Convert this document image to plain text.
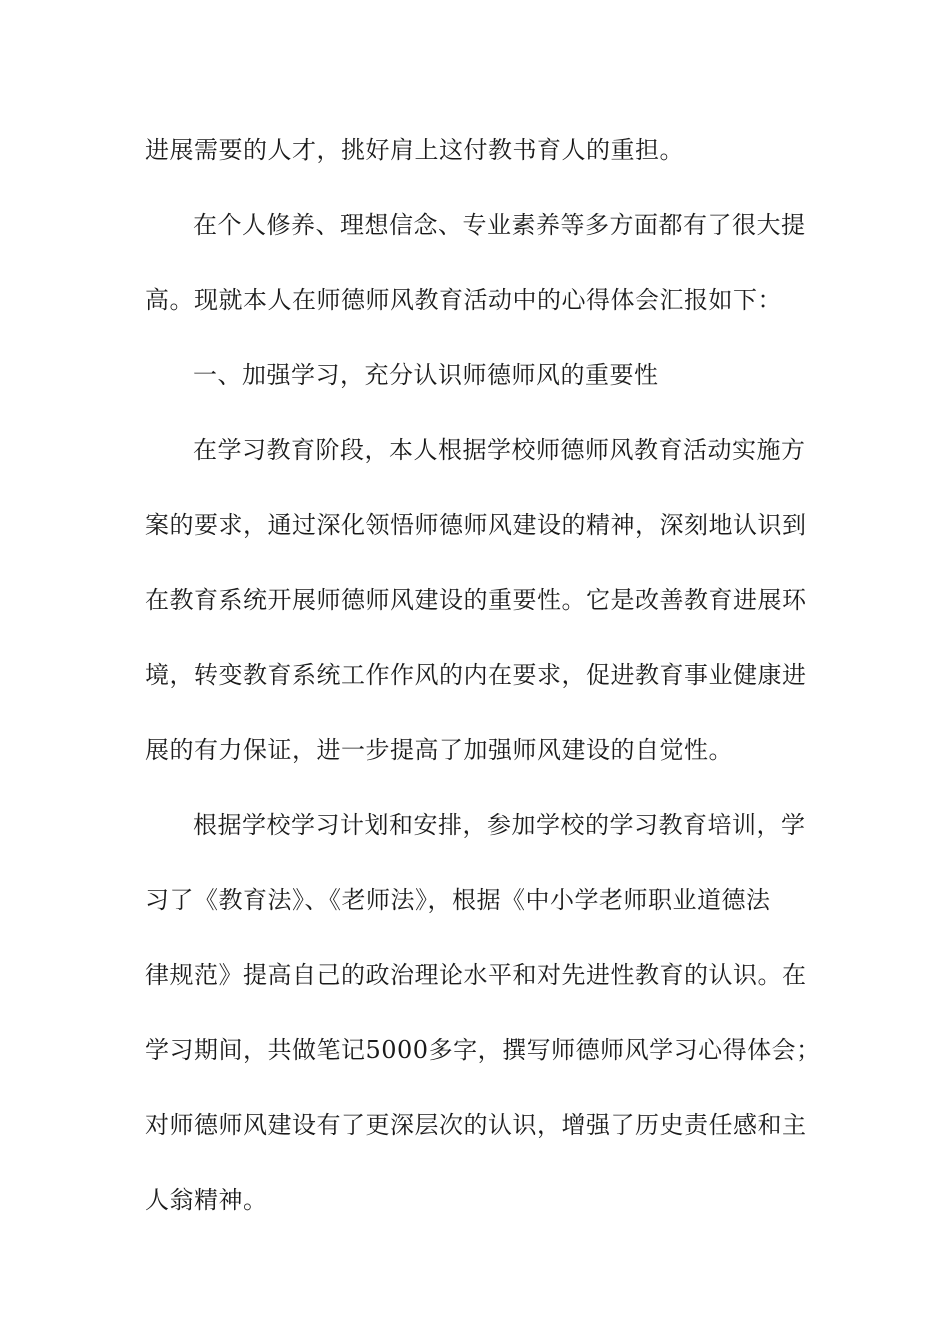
进展需要的人才，挑好肩上这付教书育人的重担。
在个人修养、理想信念、专业素养等多方面都有了很大提
高。现就本人在师德师风教育活动中的心得体会汇报如下：
一、加强学习，充分认识师德师风的重要性
在学习教育阶段，本人根据学校师德师风教育活动实施方
案的要求，通过深化领悟师德师风建设的精神，深刻地认识到
在教育系统开展师德师风建设的重要性。它是改善教育进展环
境，转变教育系统工作作风的内在要求，促进教育事业健康进
展的有力保证，进一步提高了加强师风建设的自觉性。
根据学校学习计划和安排，参加学校的学习教育培训，学
习了《教育法》、《老师法》，根据《中小学老师职业道德法
律规范》提高自己的政治理论水平和对先进性教育的认识。在
学习期间，共做笔记5000多字，撰写师德师风学习心得体会；
对师德师风建设有了更深层次的认识，增强了历史责任感和主
人翁精神。
